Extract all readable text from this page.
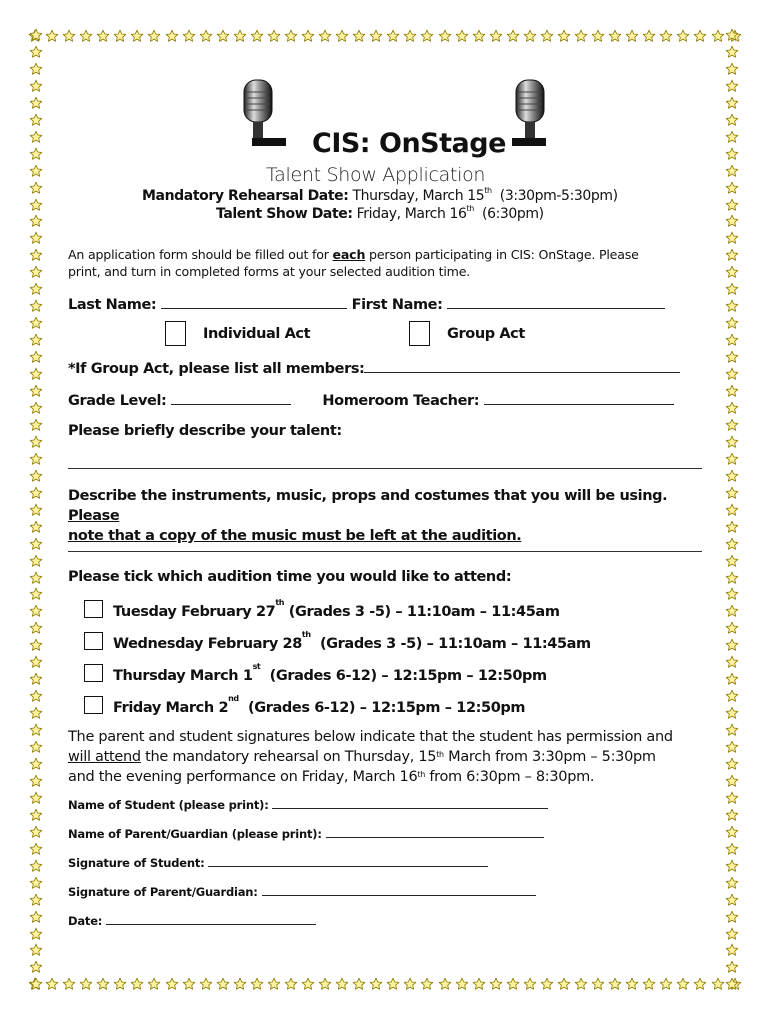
CIS: OnStage
Talent Show Application
Mandatory Rehearsal Date: Thursday, March 15th (3:30pm-5:30pm)
Talent Show Date: Friday, March 16th (6:30pm)
An application form should be filled out for each person participating in CIS: OnStage. Please
print, and turn in completed forms at your selected audition time.
Last Name:	First Name:
Individual Act	Group Act
*If Group Act, please list all members:
Grade Level:	Homeroom Teacher:
Please briefly describe your talent:
Describe the instruments, music, props and costumes that you will be using. Please
note that a copy of the music must be left at the audition.
Please tick which audition time you would like to attend:
Tuesday February 27th (Grades 3 -5) – 11:10am – 11:45am
Wednesday February 28th  (Grades 3 -5) – 11:10am – 11:45am
Thursday March 1st  (Grades 6-12) – 12:15pm – 12:50pm
Friday March 2nd  (Grades 6-12) – 12:15pm – 12:50pm
The parent and student signatures below indicate that the student has permission and
will attend the mandatory rehearsal on Thursday, 15th March from 3:30pm – 5:30pm
and the evening performance on Friday, March 16th from 6:30pm – 8:30pm.
Name of Student (please print):
Name of Parent/Guardian (please print):
Signature of Student:
Signature of Parent/Guardian:
Date:
